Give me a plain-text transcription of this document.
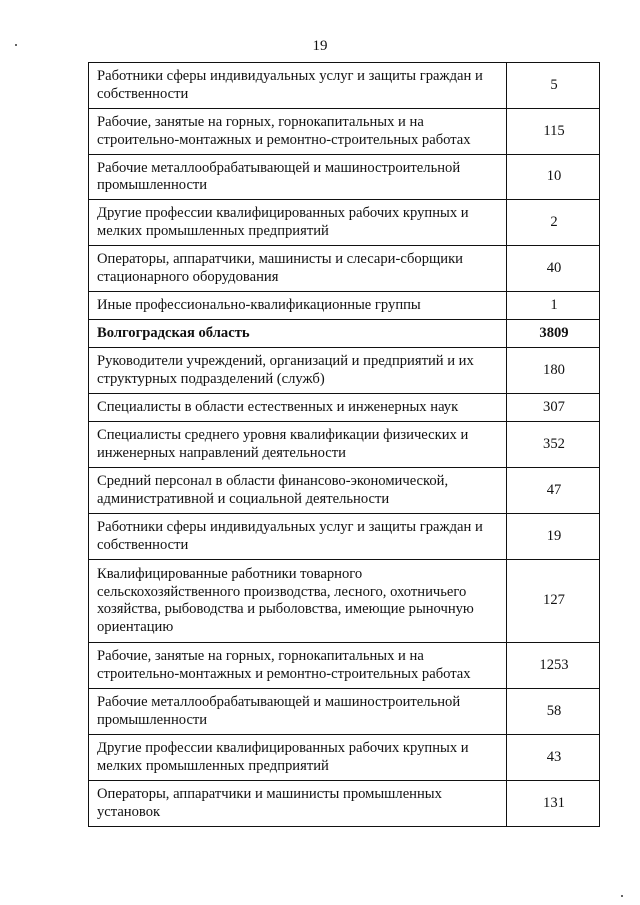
19
Работники сферы индивидуальных услуг и защиты граждан и собственности	5
Рабочие, занятые на горных, горнокапитальных и на строительно-монтажных и ремонтно-строительных работах	115
Рабочие металлообрабатывающей и машиностроительной промышленности	10
Другие профессии квалифицированных рабочих крупных и мелких промышленных предприятий	2
Операторы, аппаратчики, машинисты и слесари-сборщики стационарного оборудования	40
Иные профессионально-квалификационные группы	1
Волгоградская область	3809
Руководители учреждений, организаций и предприятий и их структурных подразделений (служб)	180
Специалисты в области естественных и инженерных наук	307
Специалисты среднего уровня квалификации физических и инженерных направлений деятельности	352
Средний персонал в области финансово-экономической, административной и социальной деятельности	47
Работники сферы индивидуальных услуг и защиты граждан и собственности	19
Квалифицированные работники товарного сельскохозяйственного производства, лесного, охотничьего хозяйства, рыбоводства и рыболовства, имеющие рыночную ориентацию	127
Рабочие, занятые на горных, горнокапитальных и на строительно-монтажных и ремонтно-строительных работах	1253
Рабочие металлообрабатывающей и машиностроительной промышленности	58
Другие профессии квалифицированных рабочих крупных и мелких промышленных предприятий	43
Операторы, аппаратчики и машинисты промышленных установок	131
